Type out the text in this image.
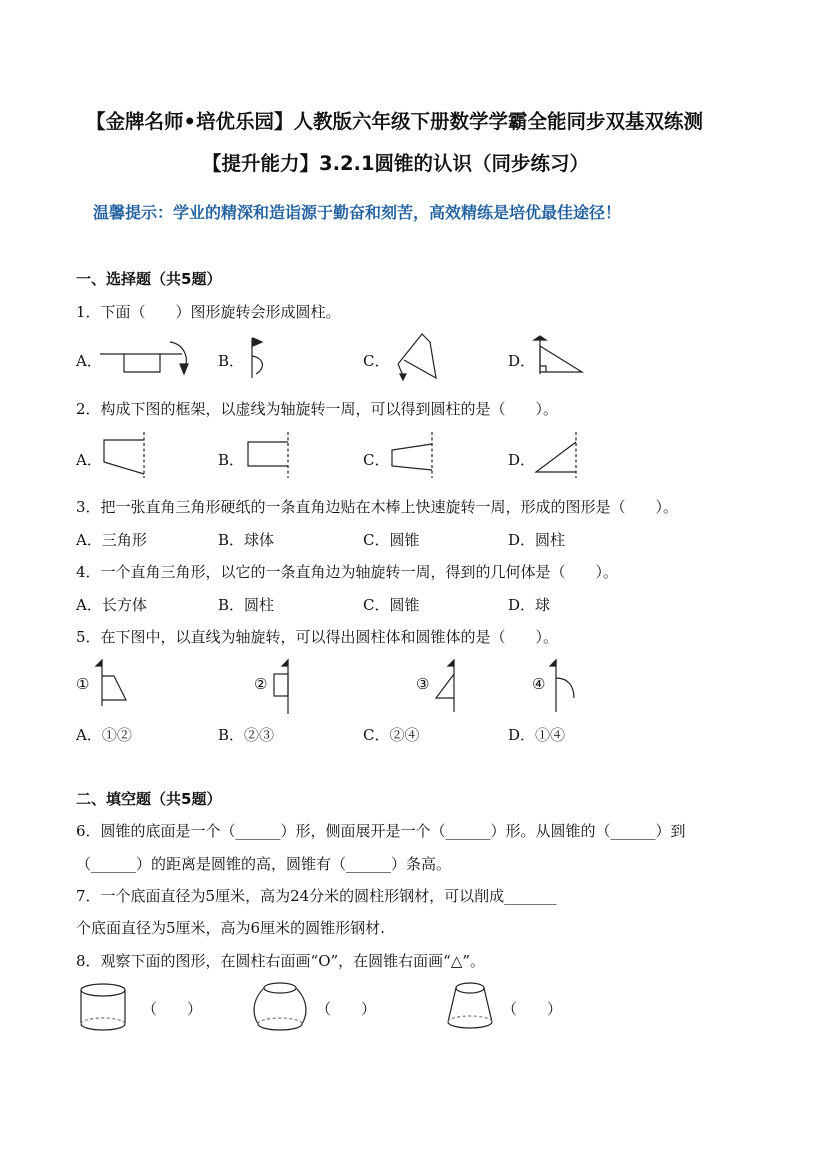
【金牌名师•培优乐园】人教版六年级下册数学学霸全能同步双基双练测
【提升能力】3.2.1圆锥的认识（同步练习）
温馨提示：学业的精深和造诣源于勤奋和刻苦，高效精练是培优最佳途径！
一、选择题（共5题）
1．下面（　　）图形旋转会形成圆柱。
A．	B．	C．	D．
2．构成下图的框架，以虚线为轴旋转一周，可以得到圆柱的是（　　）。
A．	B．	C．	D．
3．把一张直角三角形硬纸的一条直角边贴在木棒上快速旋转一周，形成的图形是（　　）。
A．三角形	B．球体	C．圆锥	D．圆柱
4．一个直角三角形，以它的一条直角边为轴旋转一周，得到的几何体是（　　）。
A．长方体	B．圆柱	C．圆锥	D．球
5．在下图中，以直线为轴旋转，可以得出圆柱体和圆锥体的是（　　）。
①	②	③	④
A．①②	B．②③	C．②④	D．①④
二、填空题（共5题）
6．圆锥的底面是一个（______）形，侧面展开是一个（______）形。从圆锥的（______）到
（______）的距离是圆锥的高，圆锥有（______）条高。
7．一个底面直径为5厘米，高为24分米的圆柱形钢材，可以削成_______
个底面直径为5厘米，高为6厘米的圆锥形钢材.
8．观察下面的图形，在圆柱右面画“O”，在圆锥右面画“△”。
（　　）	（　　）	（　　）
